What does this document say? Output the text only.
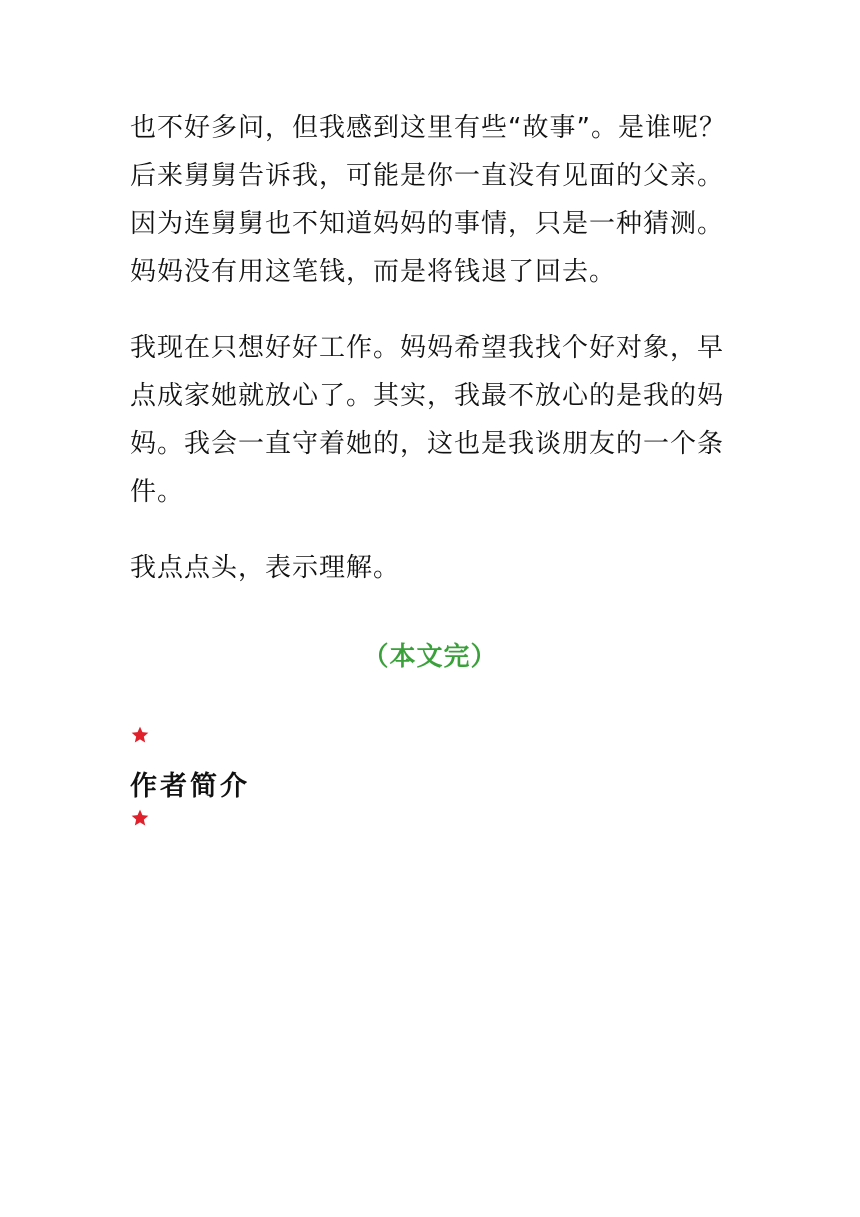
也不好多问，但我感到这里有些“故事”。是谁呢？
后来舅舅告诉我，可能是你一直没有见面的父亲。
因为连舅舅也不知道妈妈的事情，只是一种猜测。
妈妈没有用这笔钱，而是将钱退了回去。

我现在只想好好工作。妈妈希望我找个好对象，早
点成家她就放心了。其实，我最不放心的是我的妈
妈。我会一直守着她的，这也是我谈朋友的一个条
件。

我点点头，表示理解。

（本文完）
作者简介
